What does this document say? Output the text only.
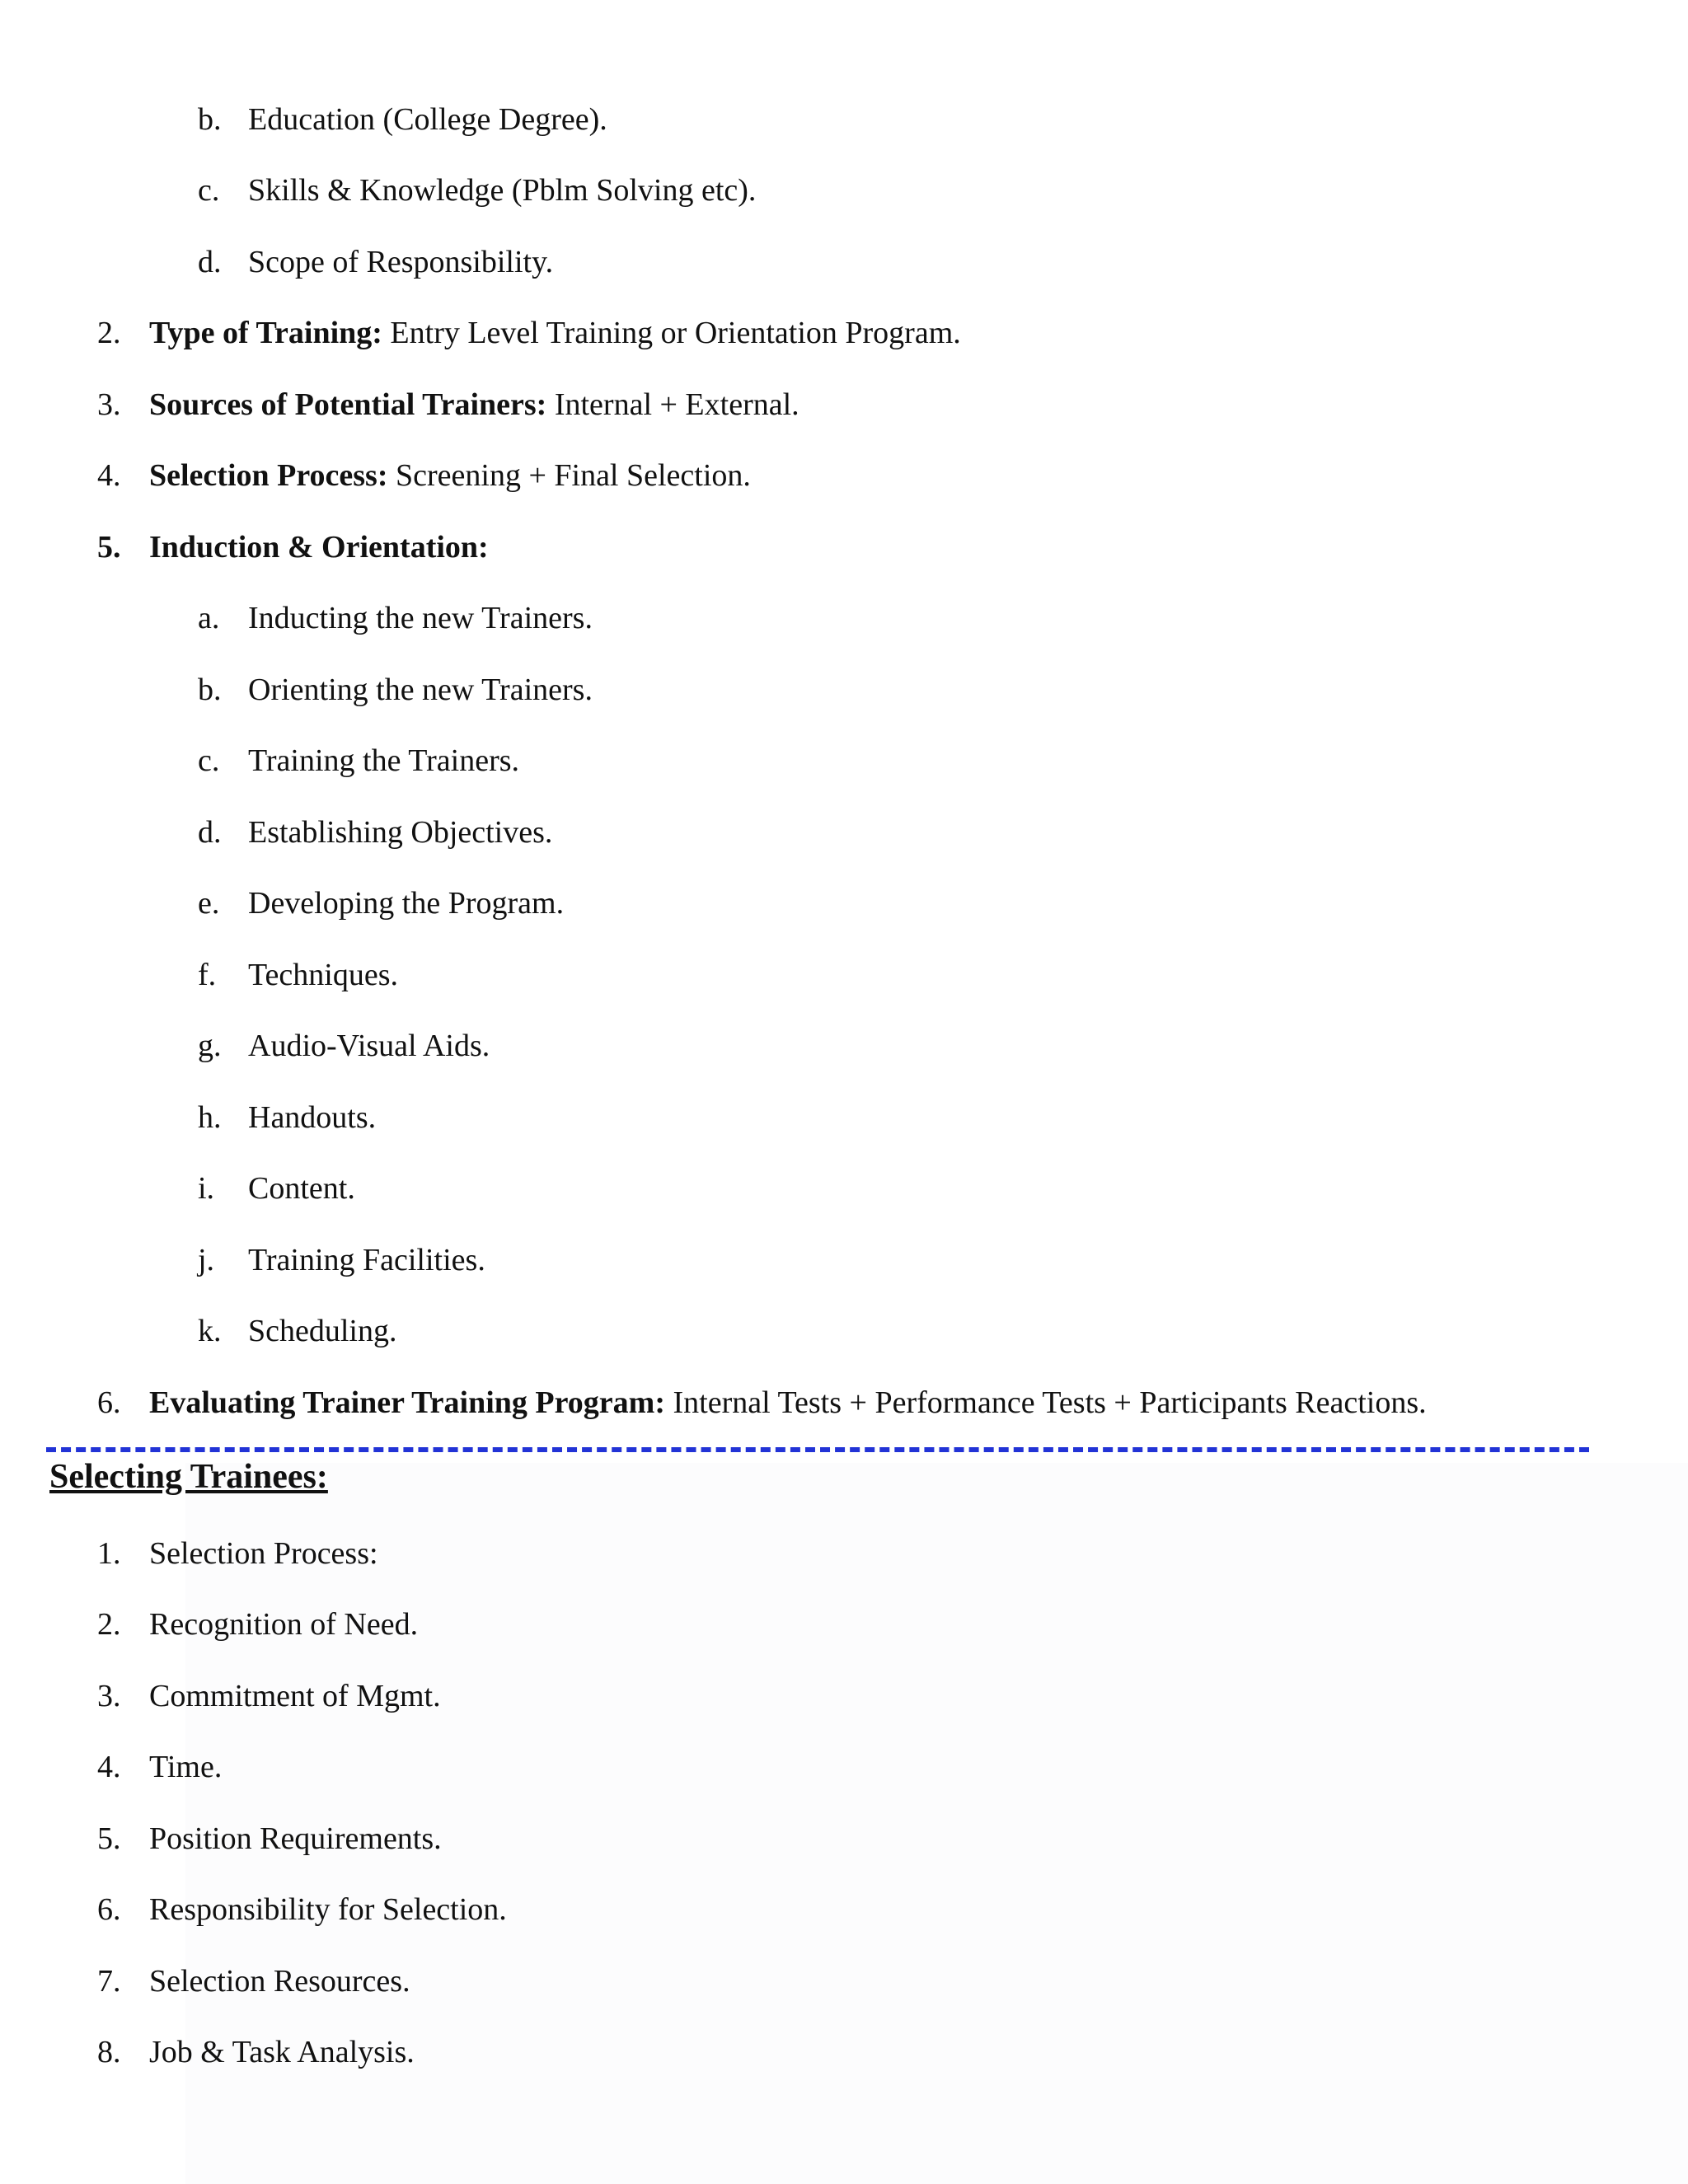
b. Education (College Degree).
c. Skills & Knowledge (Pblm Solving etc).
d. Scope of Responsibility.
2. Type of Training: Entry Level Training or Orientation Program.
3. Sources of Potential Trainers: Internal + External.
4. Selection Process: Screening + Final Selection.
5. Induction & Orientation:
a. Inducting the new Trainers.
b. Orienting the new Trainers.
c. Training the Trainers.
d. Establishing Objectives.
e. Developing the Program.
f. Techniques.
g. Audio-Visual Aids.
h. Handouts.
i. Content.
j. Training Facilities.
k. Scheduling.
6. Evaluating Trainer Training Program: Internal Tests + Performance Tests + Participants Reactions.
Selecting Trainees:
1. Selection Process:
2. Recognition of Need.
3. Commitment of Mgmt.
4. Time.
5. Position Requirements.
6. Responsibility for Selection.
7. Selection Resources.
8. Job & Task Analysis.
